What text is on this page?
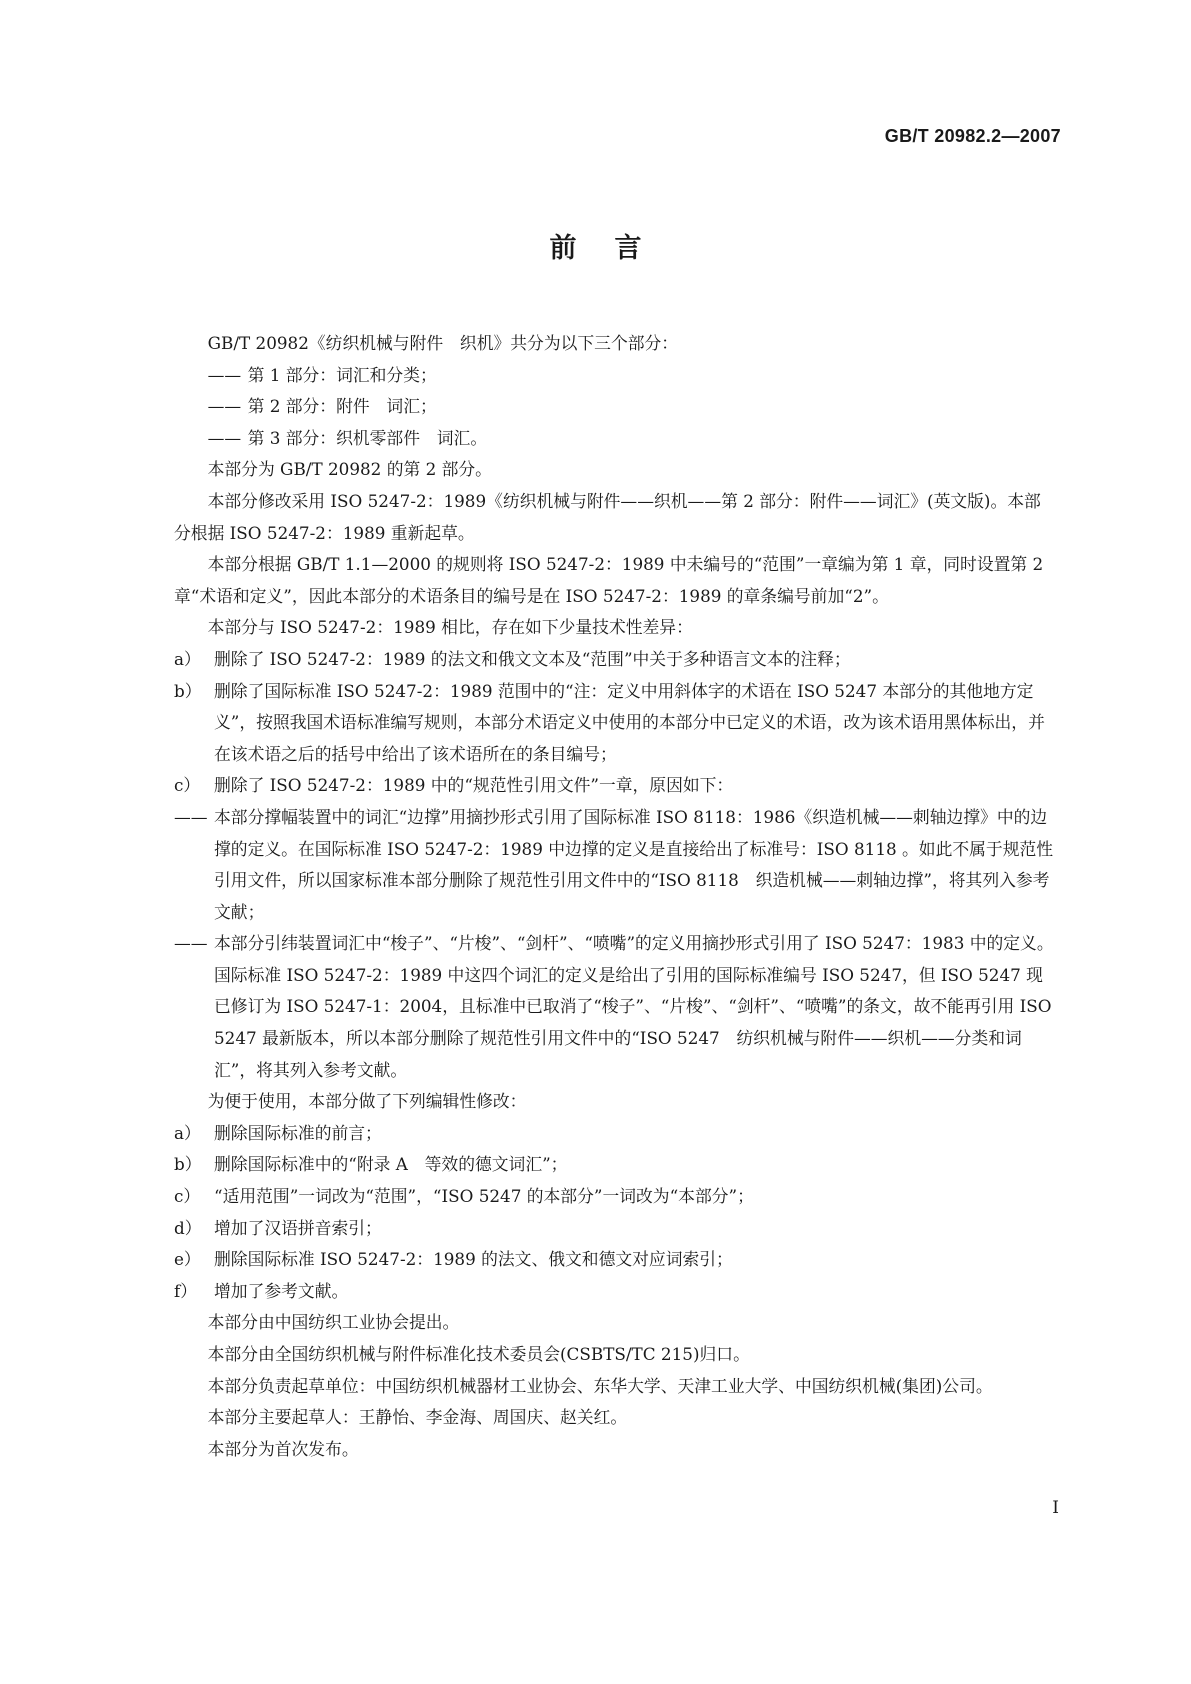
GB/T 20982.2—2007
前言

GB/T 20982《纺织机械与附件　织机》共分为以下三个部分：

—— 第 1 部分：词汇和分类；

—— 第 2 部分：附件　词汇；

—— 第 3 部分：织机零部件　词汇。

本部分为 GB/T 20982 的第 2 部分。

本部分修改采用 ISO 5247-2：1989《纺织机械与附件——织机——第 2 部分：附件——词汇》(英文版)。本部分根据 ISO 5247-2：1989 重新起草。

本部分根据 GB/T 1.1—2000 的规则将 ISO 5247-2：1989 中未编号的“范围”一章编为第 1 章，同时设置第 2 章“术语和定义”，因此本部分的术语条目的编号是在 ISO 5247-2：1989 的章条编号前加“2”。

本部分与 ISO 5247-2：1989 相比，存在如下少量技术性差异：

a） 删除了 ISO 5247-2：1989 的法文和俄文文本及“范围”中关于多种语言文本的注释；

b） 删除了国际标准 ISO 5247-2：1989 范围中的“注：定义中用斜体字的术语在 ISO 5247 本部分的其他地方定义”，按照我国术语标准编写规则，本部分术语定义中使用的本部分中已定义的术语，改为该术语用黑体标出，并在该术语之后的括号中给出了该术语所在的条目编号；

c） 删除了 ISO 5247-2：1989 中的“规范性引用文件”一章，原因如下：

—— 本部分撑幅装置中的词汇“边撑”用摘抄形式引用了国际标准 ISO 8118：1986《织造机械——刺轴边撑》中的边撑的定义。在国际标准 ISO 5247-2：1989 中边撑的定义是直接给出了标准号：ISO 8118 。如此不属于规范性引用文件，所以国家标准本部分删除了规范性引用文件中的“ISO 8118　织造机械——刺轴边撑”，将其列入参考文献；

—— 本部分引纬装置词汇中“梭子”、“片梭”、“剑杆”、“喷嘴”的定义用摘抄形式引用了 ISO 5247：1983 中的定义。国际标准 ISO 5247-2：1989 中这四个词汇的定义是给出了引用的国际标准编号 ISO 5247，但 ISO 5247 现已修订为 ISO 5247-1：2004，且标准中已取消了“梭子”、“片梭”、“剑杆”、“喷嘴”的条文，故不能再引用 ISO 5247 最新版本，所以本部分删除了规范性引用文件中的“ISO 5247　纺织机械与附件——织机——分类和词汇”，将其列入参考文献。

为便于使用，本部分做了下列编辑性修改：

a） 删除国际标准的前言；

b） 删除国际标准中的“附录 A　等效的德文词汇”；

c） “适用范围”一词改为“范围”，“ISO 5247 的本部分”一词改为“本部分”；

d） 增加了汉语拼音索引；

e） 删除国际标准 ISO 5247-2：1989 的法文、俄文和德文对应词索引；

f） 增加了参考文献。

本部分由中国纺织工业协会提出。

本部分由全国纺织机械与附件标准化技术委员会(CSBTS/TC 215)归口。

本部分负责起草单位：中国纺织机械器材工业协会、东华大学、天津工业大学、中国纺织机械(集团)公司。

本部分主要起草人：王静怡、李金海、周国庆、赵关红。

本部分为首次发布。

Ⅰ
